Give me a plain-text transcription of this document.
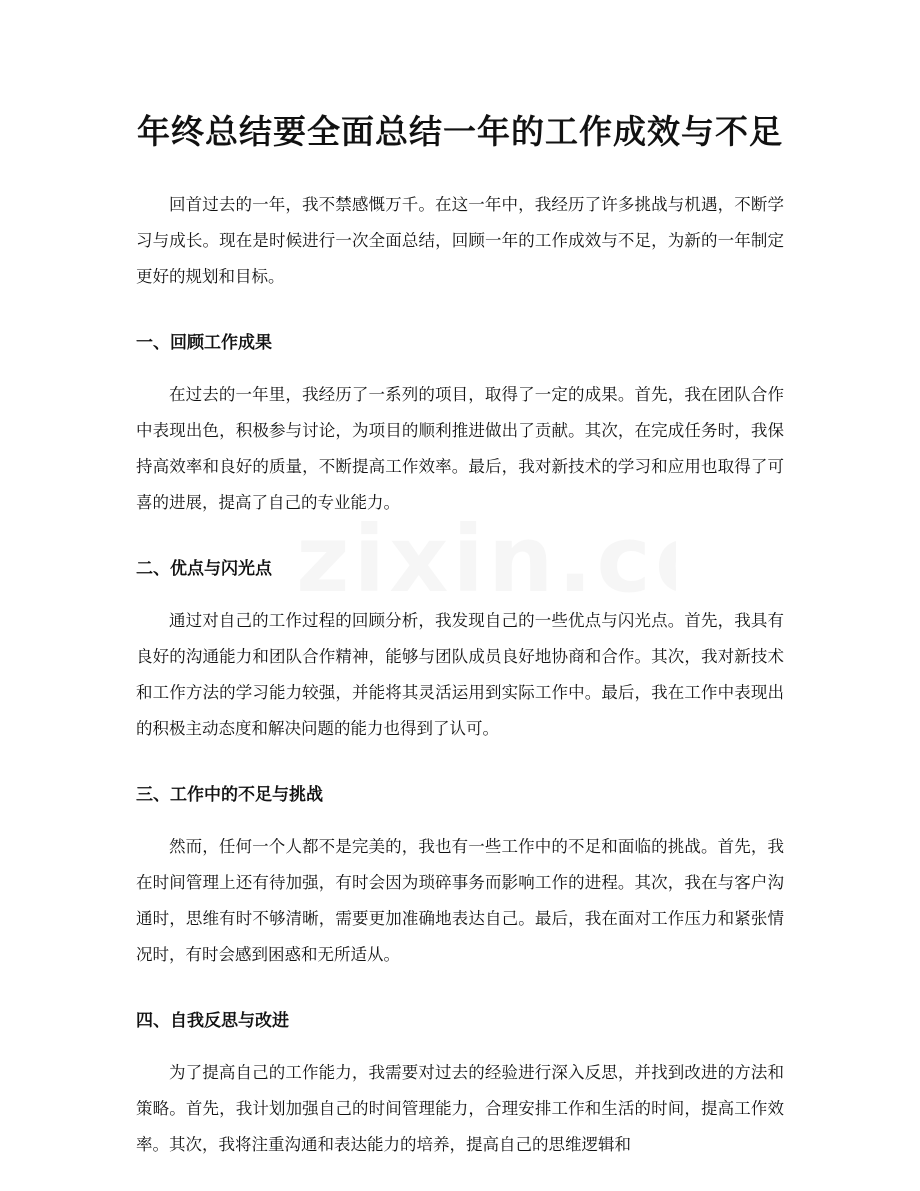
年终总结要全面总结一年的工作成效与不足

回首过去的一年，我不禁感慨万千。在这一年中，我经历了许多挑战与机遇，不断学习与成长。现在是时候进行一次全面总结，回顾一年的工作成效与不足，为新的一年制定更好的规划和目标。

一、回顾工作成果

在过去的一年里，我经历了一系列的项目，取得了一定的成果。首先，我在团队合作中表现出色，积极参与讨论，为项目的顺利推进做出了贡献。其次，在完成任务时，我保持高效率和良好的质量，不断提高工作效率。最后，我对新技术的学习和应用也取得了可喜的进展，提高了自己的专业能力。

二、优点与闪光点

通过对自己的工作过程的回顾分析，我发现自己的一些优点与闪光点。首先，我具有良好的沟通能力和团队合作精神，能够与团队成员良好地协商和合作。其次，我对新技术和工作方法的学习能力较强，并能将其灵活运用到实际工作中。最后，我在工作中表现出的积极主动态度和解决问题的能力也得到了认可。

三、工作中的不足与挑战

然而，任何一个人都不是完美的，我也有一些工作中的不足和面临的挑战。首先，我在时间管理上还有待加强，有时会因为琐碎事务而影响工作的进程。其次，我在与客户沟通时，思维有时不够清晰，需要更加准确地表达自己。最后，我在面对工作压力和紧张情况时，有时会感到困惑和无所适从。

四、自我反思与改进

为了提高自己的工作能力，我需要对过去的经验进行深入反思，并找到改进的方法和策略。首先，我计划加强自己的时间管理能力，合理安排工作和生活的时间，提高工作效率。其次，我将注重沟通和表达能力的培养，提高自己的思维逻辑和
